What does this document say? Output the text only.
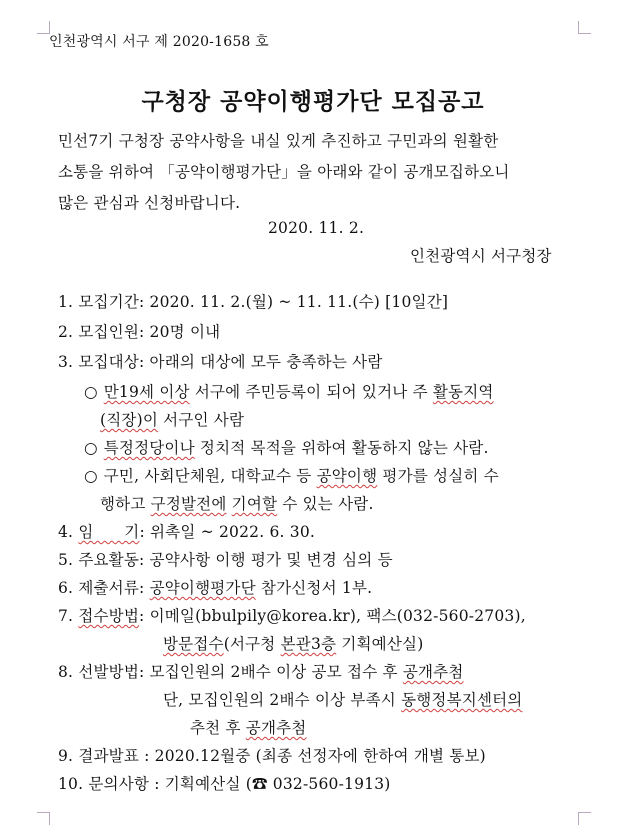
인천광역시 서구 제 2020-1658 호
구청장 공약이행평가단 모집공고
민선7기 구청장 공약사항을 내실 있게 추진하고 구민과의 원활한
소통을 위하여 「공약이행평가단」을 아래와 같이 공개모집하오니
많은 관심과 신청바랍니다.
2020. 11. 2.
인천광역시 서구청장
1. 모집기간: 2020. 11. 2.(월) ~ 11. 11.(수) [10일간]
2. 모집인원: 20명 이내
3. 모집대상: 아래의 대상에 모두 충족하는 사람
○ 만19세 이상 서구에 주민등록이 되어 있거나 주 활동지역
(직장)이 서구인 사람
○ 특정정당이나 정치적 목적을 위하여 활동하지 않는 사람.
○ 구민, 사회단체원, 대학교수 등 공약이행 평가를 성실히 수
행하고 구정발전에 기여할 수 있는 사람.
4. 임      기: 위촉일 ~ 2022. 6. 30.
5. 주요활동: 공약사항 이행 평가 및 변경 심의 등
6. 제출서류: 공약이행평가단 참가신청서 1부.
7. 접수방법: 이메일(bbulpily@korea.kr), 팩스(032-560-2703),
방문접수(서구청 본관3층 기획예산실)
8. 선발방법: 모집인원의 2배수 이상 공모 접수 후 공개추첨
단, 모집인원의 2배수 이상 부족시 동행정복지센터의
추천 후 공개추첨
9. 결과발표 : 2020.12월중 (최종 선정자에 한하여 개별 통보)
10. 문의사항 : 기획예산실 (☎ 032-560-1913)
